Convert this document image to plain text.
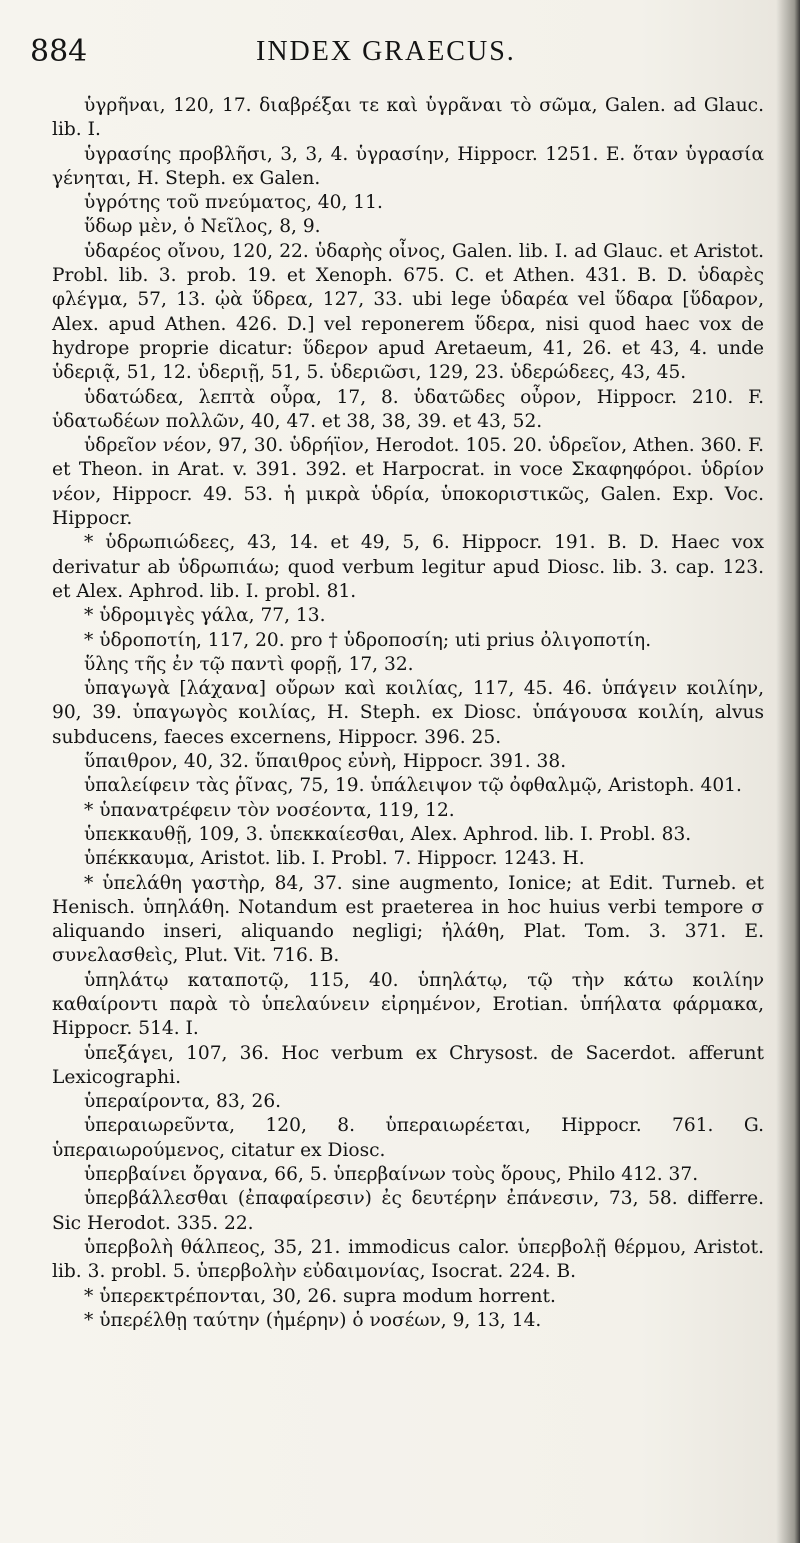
884	INDEX GRAECUS.

ὑγρῆναι, 120, 17. διαβρέξαι τε καὶ ὑγρᾶναι τὸ σῶμα, Galen. ad Glauc. lib. I.

ὑγρασίης προβλῆσι, 3, 3, 4. ὑγρασίην, Hippocr. 1251. E. ὅταν ὑγρασία γένηται, H. Steph. ex Galen.

ὑγρότης τοῦ πνεύματος, 40, 11.

ὕδωρ μὲν, ὁ Νεῖλος, 8, 9.

ὑδαρέος οἴνου, 120, 22. ὑδαρὴς οἶνος, Galen. lib. I. ad Glauc. et Aristot. Probl. lib. 3. prob. 19. et Xenoph. 675. C. et Athen. 431. B. D. ὑδαρὲς φλέγμα, 57, 13. ᾠὰ ὕδρεα, 127, 33. ubi lege ὑδαρέα vel ὕδαρα [ὕδαρον, Alex. apud Athen. 426. D.] vel reponerem ὕδερα, nisi quod haec vox de hydrope proprie dicatur: ὕδερον apud Aretaeum, 41, 26. et 43, 4. unde ὑδεριᾷ, 51, 12. ὑδεριῇ, 51, 5. ὑδεριῶσι, 129, 23. ὑδερώδεες, 43, 45.

ὑδατώδεα, λεπτὰ οὖρα, 17, 8. ὑδατῶδες οὖρον, Hippocr. 210. F. ὑδατωδέων πολλῶν, 40, 47. et 38, 38, 39. et 43, 52.

ὑδρεῖον νέον, 97, 30. ὑδρήϊον, Herodot. 105. 20. ὑδρεῖον, Athen. 360. F. et Theon. in Arat. v. 391. 392. et Harpocrat. in voce Σκαφηφόροι. ὑδρίον νέον, Hippocr. 49. 53. ἡ μικρὰ ὑδρία, ὑποκοριστικῶς, Galen. Exp. Voc. Hippocr.

* ὑδρωπιώδεες, 43, 14. et 49, 5, 6. Hippocr. 191. B. D. Haec vox derivatur ab ὑδρωπιάω; quod verbum legitur apud Diosc. lib. 3. cap. 123. et Alex. Aphrod. lib. I. probl. 81.

* ὑδρομιγὲς γάλα, 77, 13.

* ὑδροποτίη, 117, 20. pro † ὑδροποσίη; uti prius ὀλιγοποτίη.

ὕλης τῆς ἐν τῷ παντὶ φορῇ, 17, 32.

ὑπαγωγὰ [λάχανα] οὔρων καὶ κοιλίας, 117, 45. 46. ὑπάγειν κοιλίην, 90, 39. ὑπαγωγὸς κοιλίας, H. Steph. ex Diosc. ὑπάγουσα κοιλίη, alvus subducens, faeces excernens, Hippocr. 396. 25.

ὕπαιθρον, 40, 32. ὕπαιθρος εὐνὴ, Hippocr. 391. 38.

ὑπαλείφειν τὰς ῥῖνας, 75, 19. ὑπάλειψον τῷ ὀφθαλμῷ, Aristoph. 401.

* ὑπανατρέφειν τὸν νοσέοντα, 119, 12.

ὑπεκκαυθῇ, 109, 3. ὑπεκκαίεσθαι, Alex. Aphrod. lib. I. Probl. 83.

ὑπέκκαυμα, Aristot. lib. I. Probl. 7. Hippocr. 1243. H.

* ὑπελάθη γαστὴρ, 84, 37. sine augmento, Ionice; at Edit. Turneb. et Henisch. ὑπηλάθη. Notandum est praeterea in hoc huius verbi tempore σ aliquando inseri, aliquando negligi; ἠλάθη, Plat. Tom. 3. 371. E. συνελασθεὶς, Plut. Vit. 716. B.

ὑπηλάτῳ καταποτῷ, 115, 40. ὑπηλάτῳ, τῷ τὴν κάτω κοιλίην καθαίροντι παρὰ τὸ ὑπελαύνειν εἰρημένον, Erotian. ὑπήλατα φάρμακα, Hippocr. 514. I.

ὑπεξάγει, 107, 36. Hoc verbum ex Chrysost. de Sacerdot. afferunt Lexicographi.

ὑπεραίροντα, 83, 26.

ὑπεραιωρεῦντα, 120, 8. ὑπεραιωρέεται, Hippocr. 761. G. ὑπεραιωρούμενος, citatur ex Diosc.

ὑπερβαίνει ὄργανα, 66, 5. ὑπερβαίνων τοὺς ὅρους, Philo 412. 37.

ὑπερβάλλεσθαι (ἐπαφαίρεσιν) ἐς δευτέρην ἐπάνεσιν, 73, 58. differre. Sic Herodot. 335. 22.

ὑπερβολὴ θάλπεος, 35, 21. immodicus calor. ὑπερβολῇ θέρμου, Aristot. lib. 3. probl. 5. ὑπερβολὴν εὐδαιμονίας, Isocrat. 224. B.

* ὑπερεκτρέπονται, 30, 26. supra modum horrent.

* ὑπερέλθῃ ταύτην (ἡμέρην) ὁ νοσέων, 9, 13, 14.
